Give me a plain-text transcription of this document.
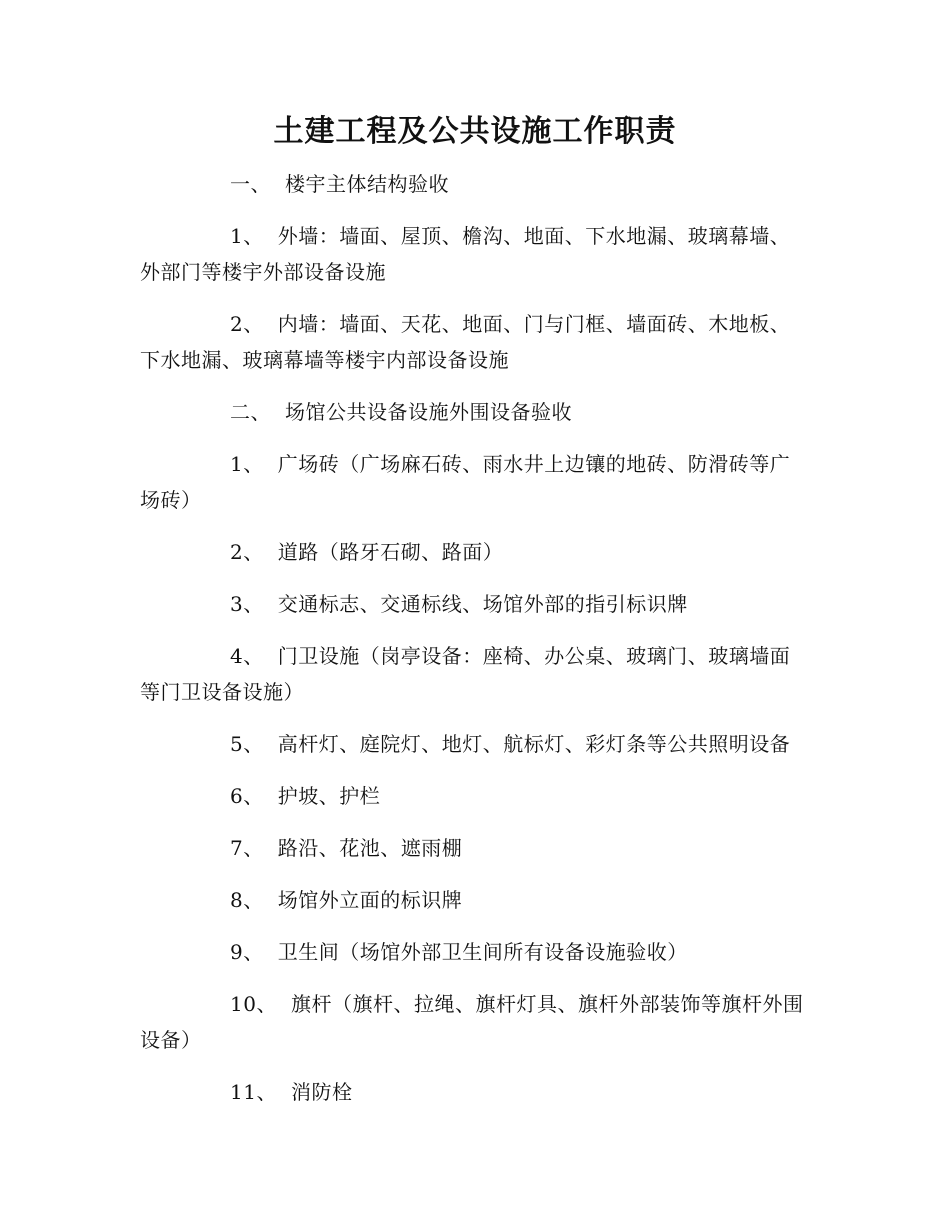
土建工程及公共设施工作职责

一、 楼宇主体结构验收

1、 外墙：墙面、屋顶、檐沟、地面、下水地漏、玻璃幕墙、外部门等楼宇外部设备设施

2、 内墙：墙面、天花、地面、门与门框、墙面砖、木地板、下水地漏、玻璃幕墙等楼宇内部设备设施

二、 场馆公共设备设施外围设备验收

1、 广场砖（广场麻石砖、雨水井上边镶的地砖、防滑砖等广场砖）

2、 道路（路牙石砌、路面）

3、 交通标志、交通标线、场馆外部的指引标识牌

4、 门卫设施（岗亭设备：座椅、办公桌、玻璃门、玻璃墙面等门卫设备设施）

5、 高杆灯、庭院灯、地灯、航标灯、彩灯条等公共照明设备

6、 护坡、护栏

7、 路沿、花池、遮雨棚

8、 场馆外立面的标识牌

9、 卫生间（场馆外部卫生间所有设备设施验收）

10、 旗杆（旗杆、拉绳、旗杆灯具、旗杆外部装饰等旗杆外围设备）

11、 消防栓
